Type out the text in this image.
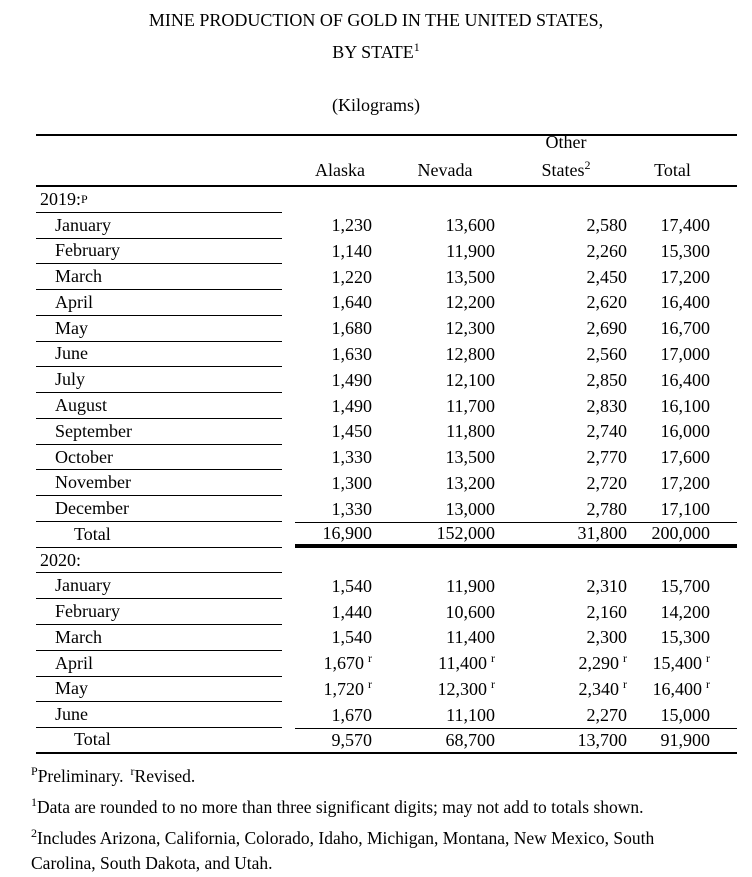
MINE PRODUCTION OF GOLD IN THE UNITED STATES,
BY STATE$^1$
(Kilograms)
Alaska	Nevada
Other
States$^2$	Total
2019: P
January	1,230	13,600	2,580 17,400
February	1,140	11,900	2,260 15,300
March	1,220	13,500	2,450 17,200
April	1,640	12,200	2,620 16,400
May	1,680	12,300	2,690 16,700
June	1,630	12,800	2,560 17,000
July	1,490	12,100	2,850 16,400
August	1,490	11,700	2,830 16,100
September	1,450	11,800	2,740 16,000
October	1,330	13,500	2,770 17,600
November	1,300	13,200	2,720 17,200
December	1,330	13,000	2,780 17,100
Total	16,900	152,000	31,800 200,000
2020:
January	1,540	11,900	2,310 15,700
February	1,440	10,600	2,160 14,200
March	1,540	11,400	2,300 15,300
April	1,670 r	11,400 r	2,290 r 15,400 r
May	1,720 r	12,300 r	2,340 r 16,400 r
June	1,670	11,100	2,270 15,000
Total	9,570	68,700	13,700 91,900
$^P$Preliminary. $^r$Revised.
$^1$Data are rounded to no more than three significant digits; may not add to totals shown.
$^2$Includes Arizona, California, Colorado, Idaho, Michigan, Montana, New Mexico, South Carolina, South Dakota, and Utah.
